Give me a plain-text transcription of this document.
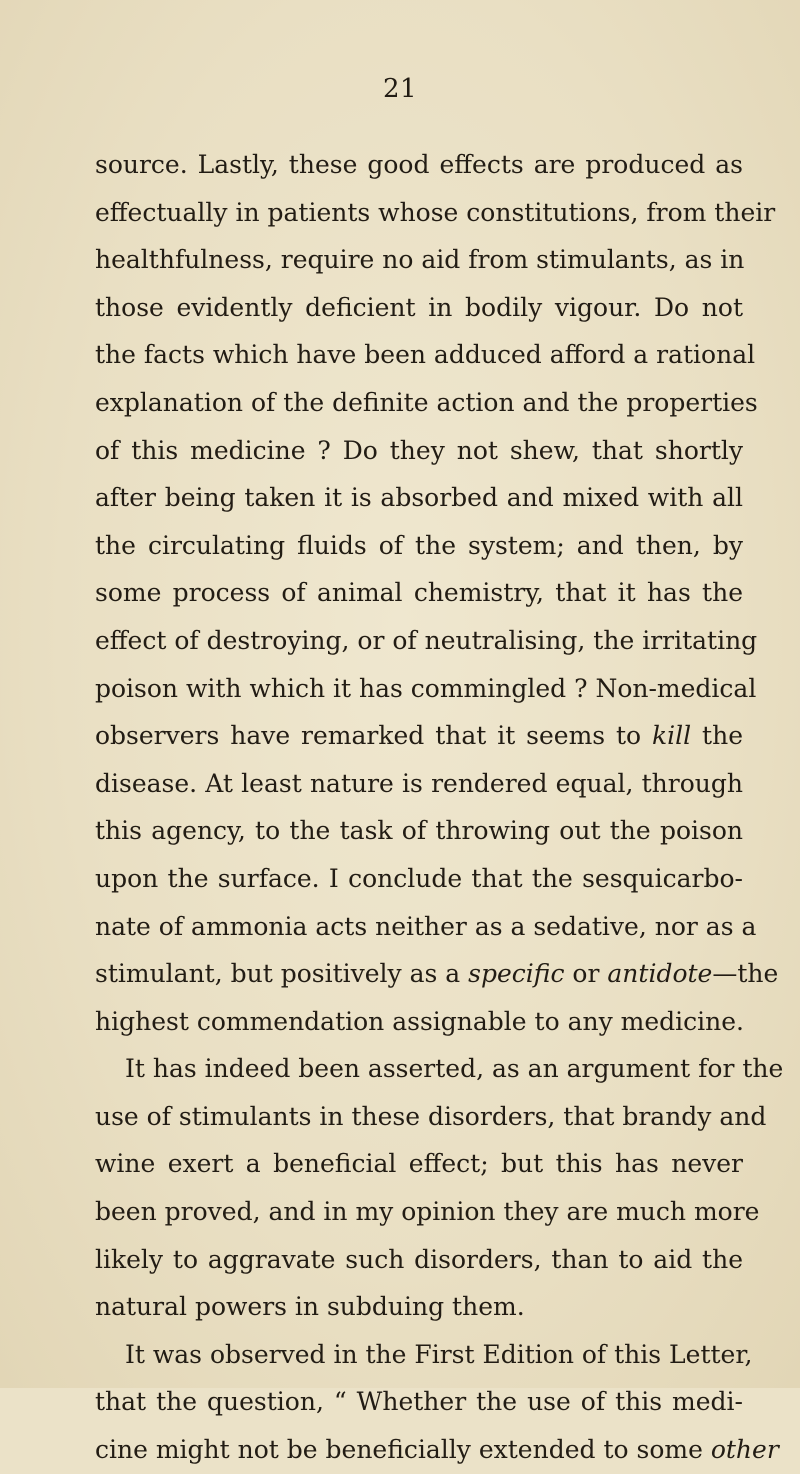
21
source. Lastly, these good effects are produced as
effectually in patients whose constitutions, from their
healthfulness, require no aid from stimulants, as in
those evidently deficient in bodily vigour. Do not
the facts which have been adduced afford a rational
explanation of the definite action and the properties
of this medicine ? Do they not shew, that shortly
after being taken it is absorbed and mixed with all
the circulating fluids of the system; and then, by
some process of animal chemistry, that it has the
effect of destroying, or of neutralising, the irritating
poison with which it has commingled ? Non-medical
observers have remarked that it seems to kill the
disease. At least nature is rendered equal, through
this agency, to the task of throwing out the poison
upon the surface. I conclude that the sesquicarbo-
nate of ammonia acts neither as a sedative, nor as a
stimulant, but positively as a specific or antidote—the
highest commendation assignable to any medicine.
It has indeed been asserted, as an argument for the
use of stimulants in these disorders, that brandy and
wine exert a beneficial effect; but this has never
been proved, and in my opinion they are much more
likely to aggravate such disorders, than to aid the
natural powers in subduing them.
It was observed in the First Edition of this Letter,
that the question, “ Whether the use of this medi-
cine might not be beneficially extended to some other
